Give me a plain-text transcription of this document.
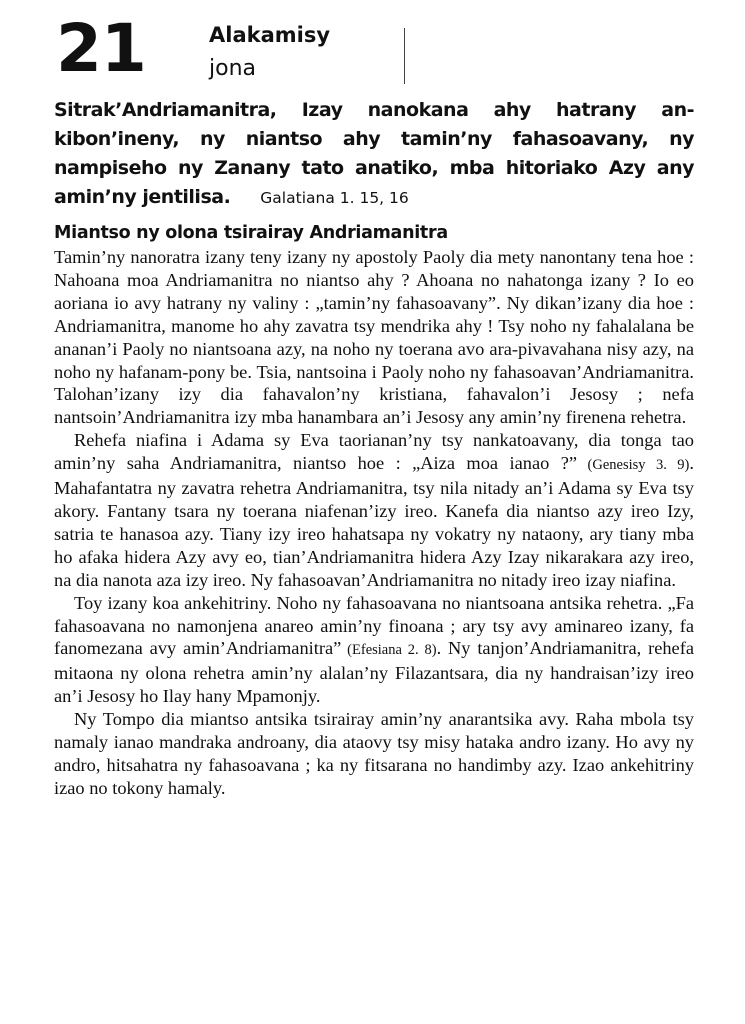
21	Alakamisy
jona
Sitrak’Andriamanitra, Izay nanokana ahy hatrany an-kibon’ineny, ny niantso ahy tamin’ny fahasoavany, ny nampiseho ny Zanany tato anatiko, mba hitoriako Azy any amin’ny jentilisa. Galatiana 1. 15, 16
Miantso ny olona tsirairay Andriamanitra

Tamin’ny nanoratra izany teny izany ny apostoly Paoly dia mety nanontany tena hoe : Nahoana moa Andriamanitra no niantso ahy ? Ahoana no nahatonga izany ? Io eo aoriana io avy hatrany ny valiny : „tamin’ny fahasoavany”. Ny dikan’izany dia hoe : Andriamanitra, manome ho ahy zavatra tsy mendrika ahy ! Tsy noho ny fahalalana be ananan’i Paoly no niantsoana azy, na noho ny toerana avo ara-pivavahana nisy azy, na noho ny hafanam-pony be. Tsia, nantsoina i Paoly noho ny fahasoavan’Andriamanitra. Talohan’izany izy dia fahavalon’ny kristiana, fahavalon’i Jesosy ; nefa nantsoin’Andriamanitra izy mba hanambara an’i Jesosy any amin’ny firenena rehetra.

Rehefa niafina i Adama sy Eva taorianan’ny tsy nankatoavany, dia tonga tao amin’ny saha Andriamanitra, niantso hoe : „Aiza moa ianao ?” (Genesisy 3. 9). Mahafantatra ny zavatra rehetra Andriamanitra, tsy nila nitady an’i Adama sy Eva tsy akory. Fantany tsara ny toerana niafenan’izy ireo. Kanefa dia niantso azy ireo Izy, satria te hanasoa azy. Tiany izy ireo hahatsapa ny vokatry ny nataony, ary tiany mba ho afaka hidera Azy avy eo, tian’Andriamanitra hidera Azy Izay nikarakara azy ireo, na dia nanota aza izy ireo. Ny fahasoavan’Andriamanitra no nitady ireo izay niafina.

Toy izany koa ankehitriny. Noho ny fahasoavana no niantsoana antsika rehetra. „Fa fahasoavana no namonjena anareo amin’ny finoana ; ary tsy avy aminareo izany, fa fanomezana avy amin’Andriamanitra” (Efesiana 2. 8). Ny tanjon’Andriamanitra, rehefa mitaona ny olona rehetra amin’ny alalan’ny Filazantsara, dia ny handraisan’izy ireo an’i Jesosy ho Ilay hany Mpamonjy.

Ny Tompo dia miantso antsika tsirairay amin’ny anarantsika avy. Raha mbola tsy namaly ianao mandraka androany, dia ataovy tsy misy hataka andro izany. Ho avy ny andro, hitsahatra ny fahasoavana ; ka ny fitsarana no handimby azy. Izao ankehitriny izao no tokony hamaly.
